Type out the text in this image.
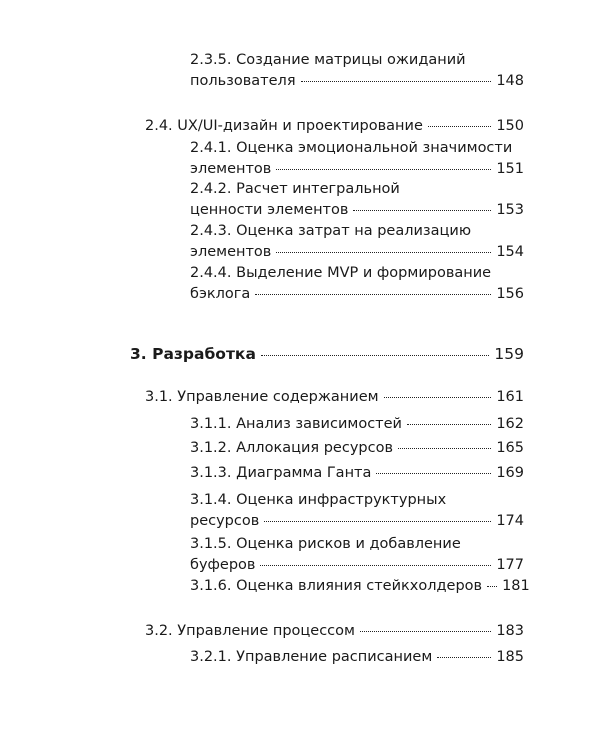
2.3.5.
Создание матрицы ожиданий
пользователя	148
2.4. UX/UI-дизайн и проектирование	150
2.4.1.
Оценка эмоциональной значимости
элементов	151
2.4.2.
Расчет интегральной
ценности элементов	153
2.4.3.
Оценка затрат на реализацию
элементов	154
2.4.4.
Выделение MVP и формирование
бэклога	156
3. Разработка	159
3.1. Управление содержанием	161
3.1.1. Анализ зависимостей	162
3.1.2. Аллокация ресурсов	165
3.1.3. Диаграмма Ганта	169
3.1.4.
Оценка инфраструктурных
ресурсов	174
3.1.5.
Оценка рисков и добавление
буферов	177
3.1.6. Оценка влияния стейкхолдеров 181
3.2. Управление процессом	183
3.2.1. Управление расписанием	185
